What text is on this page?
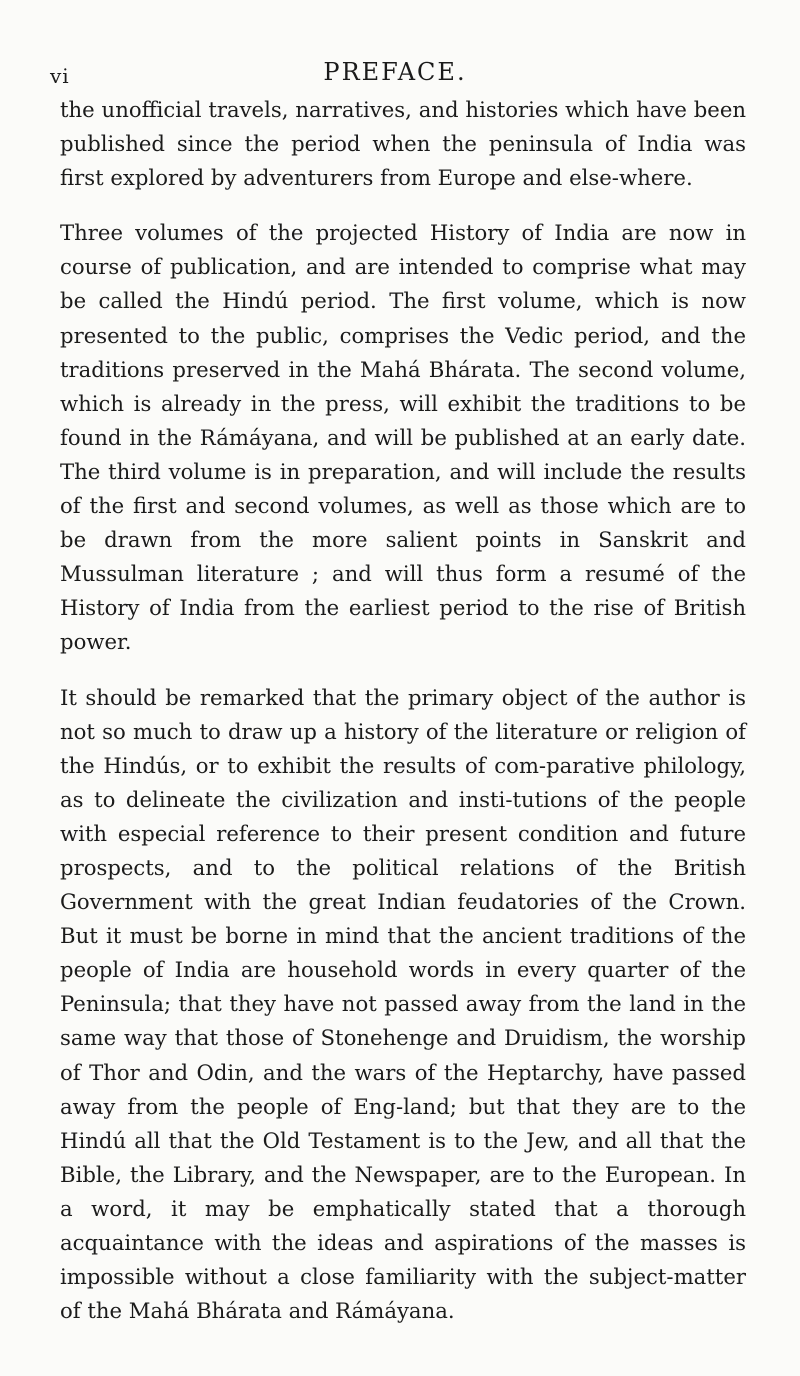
vi	PREFACE.

the unofficial travels, narratives, and histories which have been published since the period when the peninsula of India was first explored by adventurers from Europe and else-where.

Three volumes of the projected History of India are now in course of publication, and are intended to comprise what may be called the Hindú period. The first volume, which is now presented to the public, comprises the Vedic period, and the traditions preserved in the Mahá Bhárata. The second volume, which is already in the press, will exhibit the traditions to be found in the Rámáyana, and will be published at an early date. The third volume is in preparation, and will include the results of the first and second volumes, as well as those which are to be drawn from the more salient points in Sanskrit and Mussulman literature ; and will thus form a resumé of the History of India from the earliest period to the rise of British power.

It should be remarked that the primary object of the author is not so much to draw up a history of the literature or religion of the Hindús, or to exhibit the results of com-parative philology, as to delineate the civilization and insti-tutions of the people with especial reference to their present condition and future prospects, and to the political relations of the British Government with the great Indian feudatories of the Crown. But it must be borne in mind that the ancient traditions of the people of India are household words in every quarter of the Peninsula; that they have not passed away from the land in the same way that those of Stonehenge and Druidism, the worship of Thor and Odin, and the wars of the Heptarchy, have passed away from the people of Eng-land; but that they are to the Hindú all that the Old Testament is to the Jew, and all that the Bible, the Library, and the Newspaper, are to the European. In a word, it may be emphatically stated that a thorough acquaintance with the ideas and aspirations of the masses is impossible without a close familiarity with the subject-matter of the Mahá Bhárata and Rámáyana.
